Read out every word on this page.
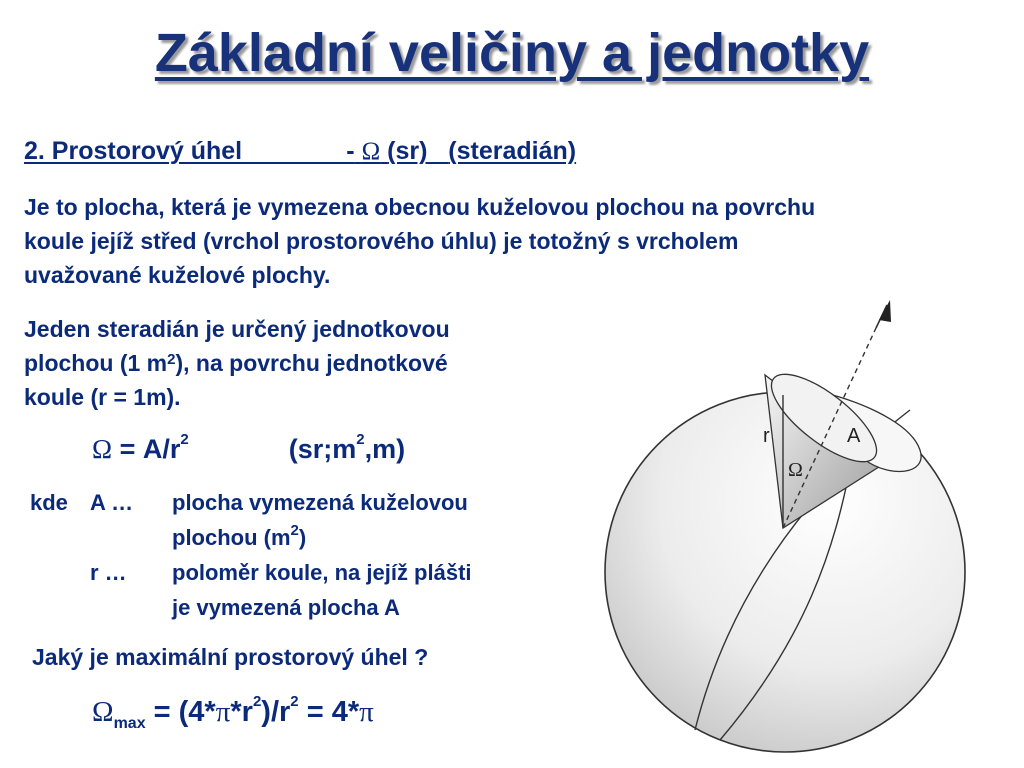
Základní veličiny a jednotky
2. Prostorový úhel               - Ω (sr) (steradián)
Je to plocha, která je vymezena obecnou kuželovou plochou na povrchu
koule jejíž střed (vrchol prostorového úhlu) je totožný s vrcholem
uvažované kuželové plochy.
Jeden steradián je určený jednotkovou
plochou (1 $m^2$), na povrchu jednotkové
koule (r = 1m).
$\Omega = A/r^2$	$(sr;m^2,m)$
kde A … plocha vymezená kuželovou
plochou $(m^2)$
r … poloměr koule, na jejíž plášti
je vymezená plocha A
Jaký je maximální prostorový úhel ?
$\Omega_{max} = (4*\pi*r^2)/r^2 = 4*\pi$
r	A
Ω
